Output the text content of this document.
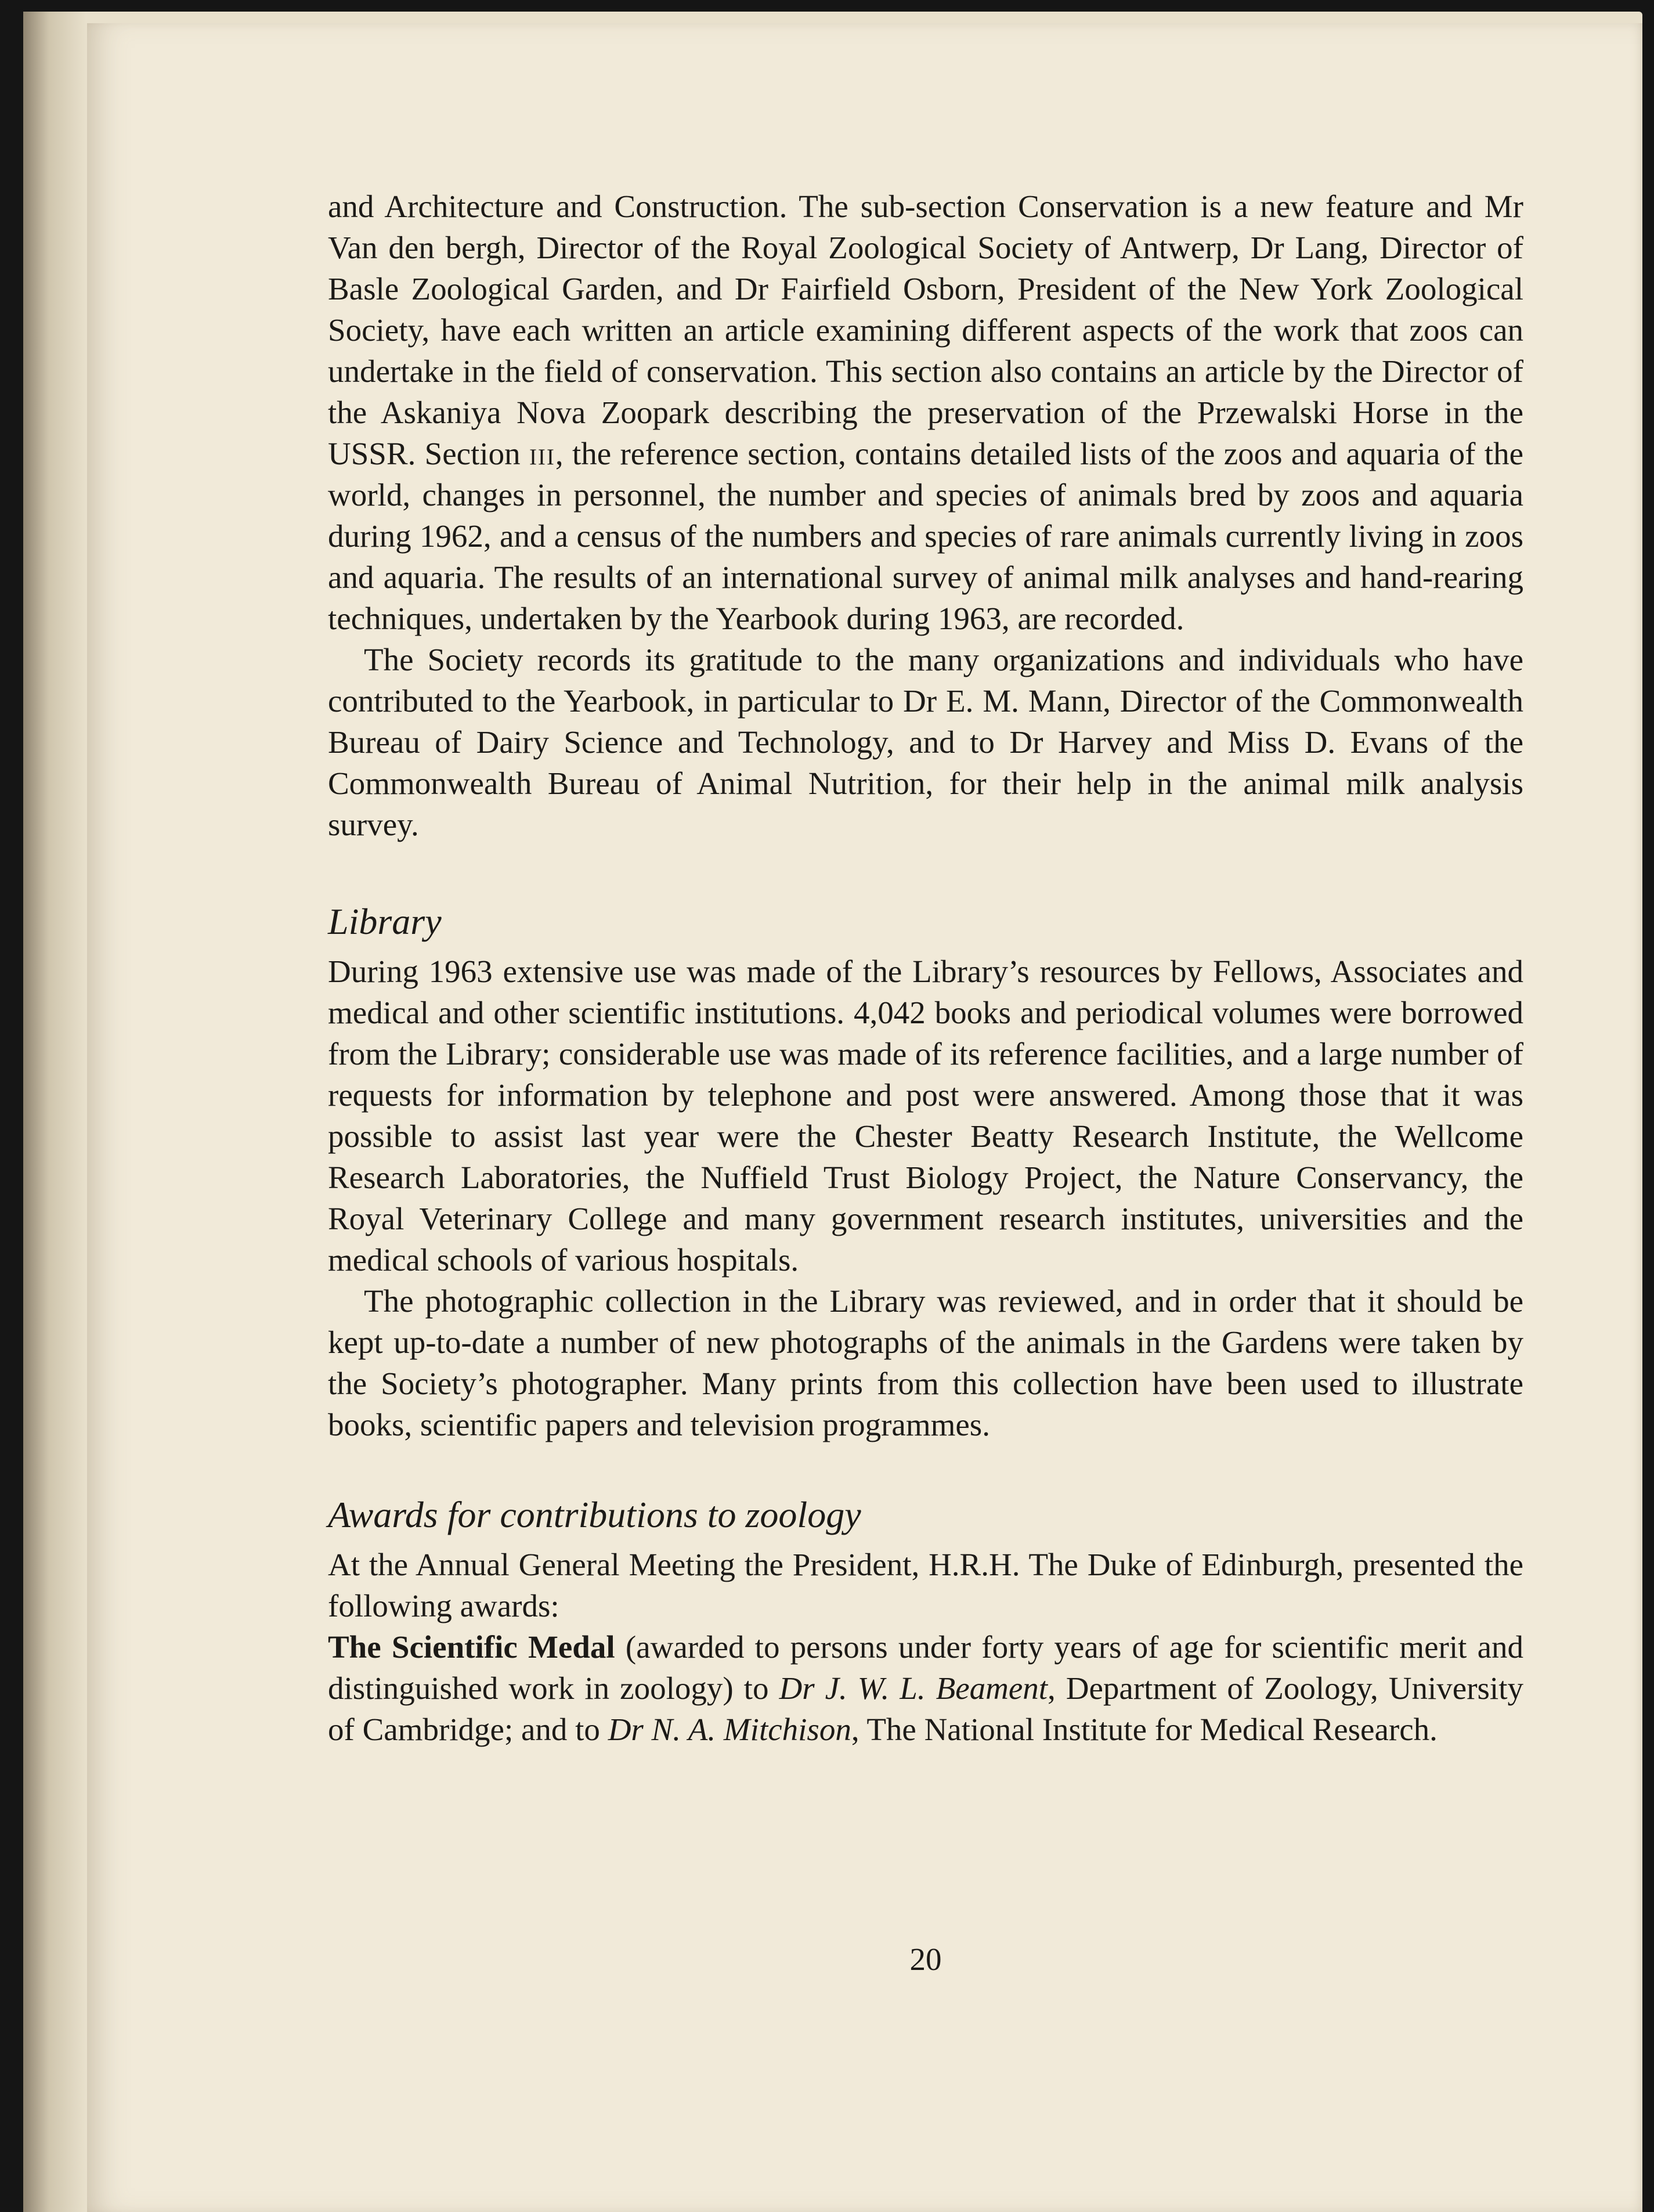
and Architecture and Construction. The sub-section Conservation is a new feature and Mr Van den bergh, Director of the Royal Zoological Society of Antwerp, Dr Lang, Director of Basle Zoological Garden, and Dr Fairfield Osborn, President of the New York Zoological Society, have each written an article examining different aspects of the work that zoos can undertake in the field of conservation. This section also contains an article by the Director of the Askaniya Nova Zoopark describing the preservation of the Przewalski Horse in the USSR. Section iii, the reference section, contains detailed lists of the zoos and aquaria of the world, changes in personnel, the number and species of animals bred by zoos and aquaria during 1962, and a census of the numbers and species of rare animals currently living in zoos and aquaria. The results of an international survey of animal milk analyses and hand-rearing techniques, undertaken by the Yearbook during 1963, are recorded.

The Society records its gratitude to the many organizations and individuals who have contributed to the Yearbook, in particular to Dr E. M. Mann, Director of the Commonwealth Bureau of Dairy Science and Technology, and to Dr Harvey and Miss D. Evans of the Commonwealth Bureau of Animal Nutrition, for their help in the animal milk analysis survey.

Library

During 1963 extensive use was made of the Library’s resources by Fellows, Associates and medical and other scientific institutions. 4,042 books and periodical volumes were borrowed from the Library; considerable use was made of its reference facilities, and a large number of requests for information by telephone and post were answered. Among those that it was possible to assist last year were the Chester Beatty Research Institute, the Wellcome Research Laboratories, the Nuffield Trust Biology Project, the Nature Conservancy, the Royal Veterinary College and many government research institutes, universities and the medical schools of various hospitals.

The photographic collection in the Library was reviewed, and in order that it should be kept up-to-date a number of new photographs of the animals in the Gardens were taken by the Society’s photographer. Many prints from this collection have been used to illustrate books, scientific papers and television programmes.

Awards for contributions to zoology

At the Annual General Meeting the President, H.R.H. The Duke of Edinburgh, presented the following awards:

The Scientific Medal (awarded to persons under forty years of age for scientific merit and distinguished work in zoology) to Dr J. W. L. Beament, Department of Zoology, University of Cambridge; and to Dr N. A. Mitchison, The National Institute for Medical Research.

20
